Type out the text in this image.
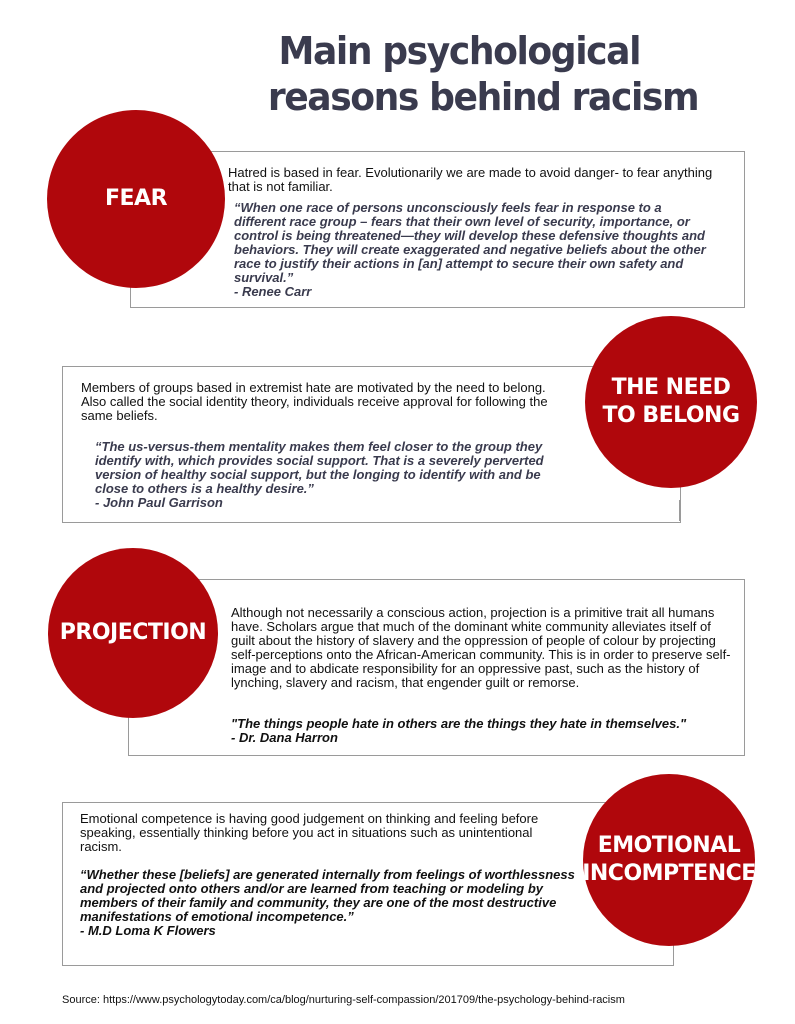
Main psychological
reasons behind racism
FEAR
Hatred is based in fear. Evolutionarily we are made to avoid danger- to fear anything that is not familiar.
“When one race of persons unconsciously feels fear in response to a different race group – fears that their own level of security, importance, or control is being threatened—they will develop these defensive thoughts and behaviors. They will create exaggerated and negative beliefs about the other race to justify their actions in [an] attempt to secure their own safety and survival.”
- Renee Carr
THE NEED
TO BELONG
Members of groups based in extremist hate are motivated by the need to belong. Also called the social identity theory, individuals receive approval for following the same beliefs.
“The us-versus-them mentality makes them feel closer to the group they identify with, which provides social support. That is a severely perverted version of healthy social support, but the longing to identify with and be close to others is a healthy desire.”
- John Paul Garrison
PROJECTION
Although not necessarily a conscious action, projection is a primitive trait all humans have. Scholars argue that much of the dominant white community alleviates itself of guilt about the history of slavery and the oppression of people of colour by projecting self-perceptions onto the African-American community. This is in order to preserve self-image and to abdicate responsibility for an oppressive past, such as the history of lynching, slavery and racism, that engender guilt or remorse.
"The things people hate in others are the things they hate in themselves."
- Dr. Dana Harron
EMOTIONAL
INCOMPTENCE
Emotional competence is having good judgement on thinking and feeling before speaking, essentially thinking before you act in situations such as unintentional racism.
“Whether these [beliefs] are generated internally from feelings of worthlessness and projected onto others and/or are learned from teaching or modeling by members of their family and community, they are one of the most destructive manifestations of emotional incompetence.”
- M.D Loma K Flowers
Source: https://www.psychologytoday.com/ca/blog/nurturing-self-compassion/201709/the-psychology-behind-racism
